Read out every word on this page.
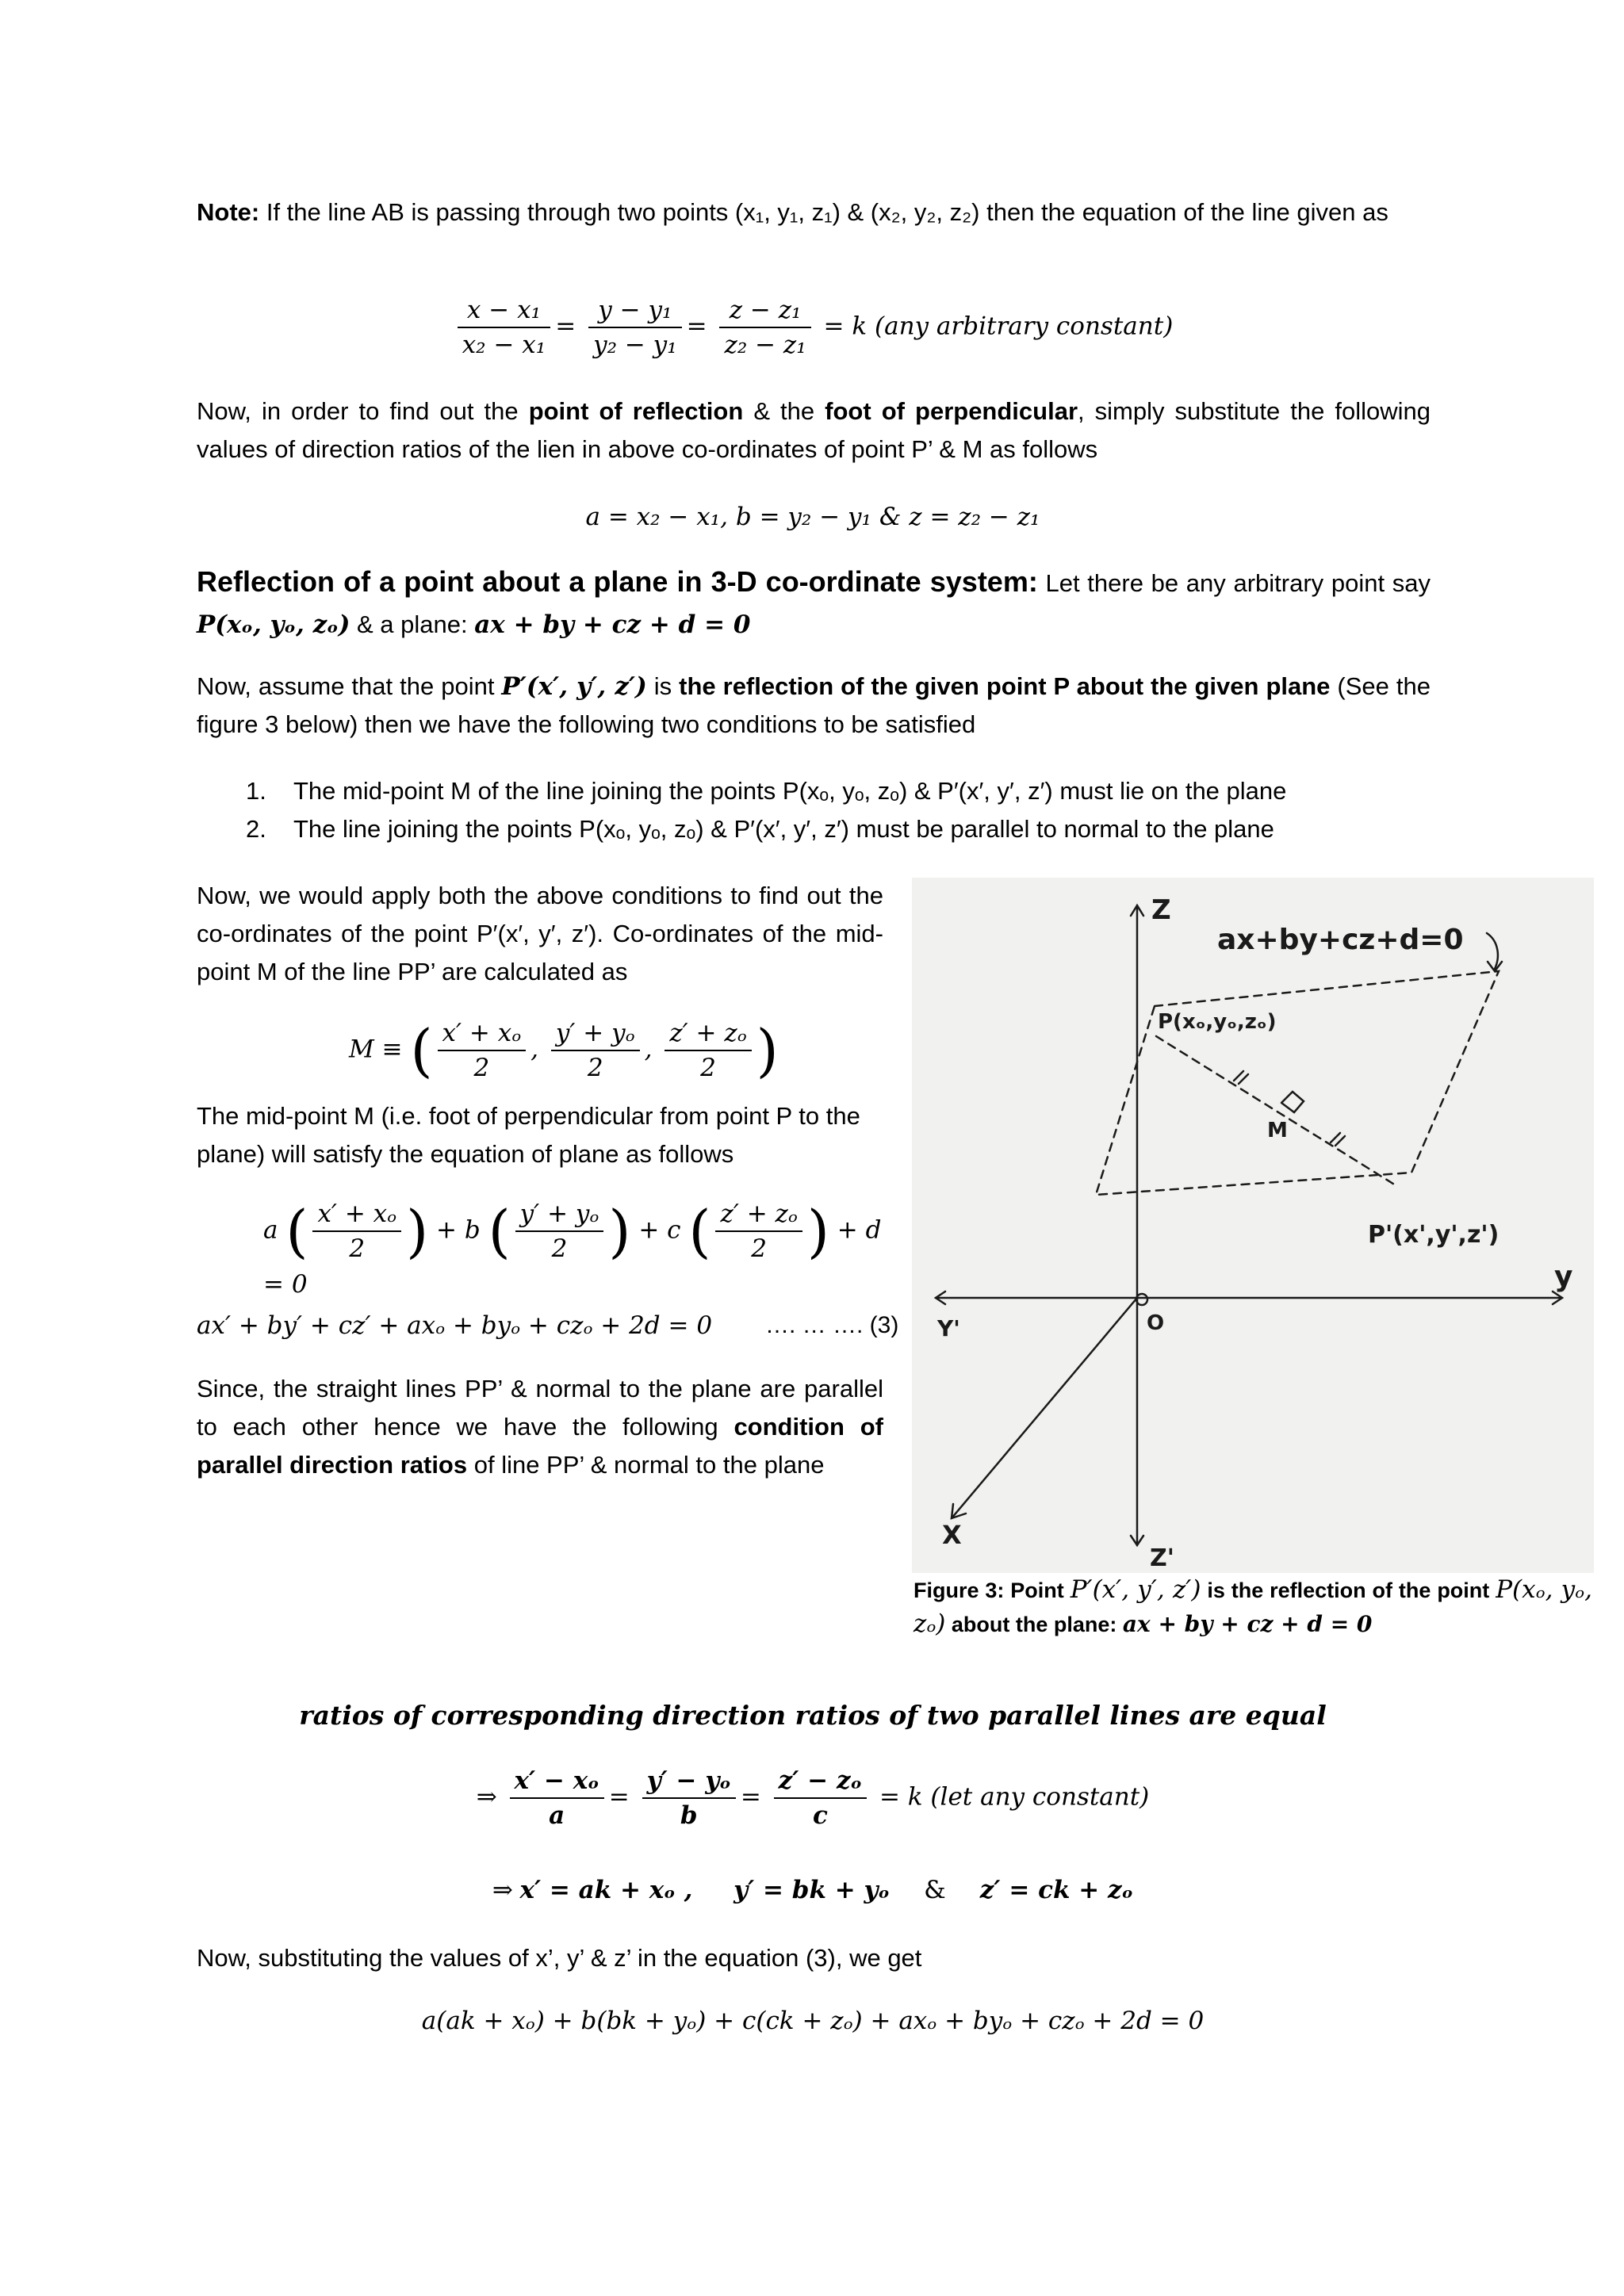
Note: If the line AB is passing through two points (x₁, y₁, z₁) & (x₂, y₂, z₂) then the equation of the line given as
$\frac{\text{x − x₁}}{\text{x₂ − x₁}} = \frac{\text{y − y₁}}{\text{y₂ − y₁}} = \frac{\text{z − z₁}}{\text{z₂ − z₁}} = k$ (any arbitrary constant)
Now, in order to find out the point of reflection & the foot of perpendicular, simply substitute the following values of direction ratios of the lien in above co-ordinates of point P’ & M as follows
a = x₂ − x₁, b = y₂ − y₁ & z = z₂ − z₁
Reflection of a point about a plane in 3-D co-ordinate system: Let there be any arbitrary point say P(xₒ, yₒ, zₒ) & a plane: ax + by + cz + d = 0
Now, assume that the point P′(x′, y′, z′) is the reflection of the given point P about the given plane (See the figure 3 below) then we have the following two conditions to be satisfied
1. The mid-point M of the line joining the points P(xₒ, yₒ, zₒ) & P′(x′, y′, z′) must lie on the plane
2. The line joining the points P(xₒ, yₒ, zₒ) & P′(x′, y′, z′) must be parallel to normal to the plane
Now, we would apply both the above conditions to find out the co-ordinates of the point P′(x′, y′, z′). Co-ordinates of the mid-point M of the line PP’ are calculated as
M ≡ ( $\frac{\text{x′ + xₒ}}{2}$ , $\frac{\text{y′ + yₒ}}{2}$ , $\frac{\text{z′ + zₒ}}{2}$ )
The mid-point M (i.e. foot of perpendicular from point P to the plane) will satisfy the equation of plane as follows
a ( $\frac{\text{x′ + xₒ}}{2}$ ) + b ( $\frac{\text{y′ + yₒ}}{2}$ ) + c ( $\frac{\text{z′ + zₒ}}{2}$ ) + d = 0
ax′ + by′ + cz′ + axₒ + byₒ + czₒ + 2d = 0	…. … …. (3)
Since, the straight lines PP’ & normal to the plane are parallel to each other hence we have the following condition of parallel direction ratios of line PP’ & normal to the plane
Z
Z'
y
Y'
X
O
ax+by+cz+d=0
P(xₒ,yₒ,zₒ)
M
P'(x',y',z')
Figure 3: Point P′(x′, y′, z′) is the reflection of the point P(xₒ, yₒ, zₒ) about the plane: ax + by + cz + d = 0
ratios of corresponding direction ratios of two parallel lines are equal
⇒ $\frac{\text{x′ − xₒ}}{a} = \frac{\text{y′ − yₒ}}{b} = \frac{\text{z′ − zₒ}}{c} = k$ (let any constant)
⇒ x′ = ak + xₒ , y′ = bk + yₒ & z′ = ck + zₒ
Now, substituting the values of x’, y’ & z’ in the equation (3), we get
a(ak + xₒ) + b(bk + yₒ) + c(ck + zₒ) + axₒ + byₒ + czₒ + 2d = 0
